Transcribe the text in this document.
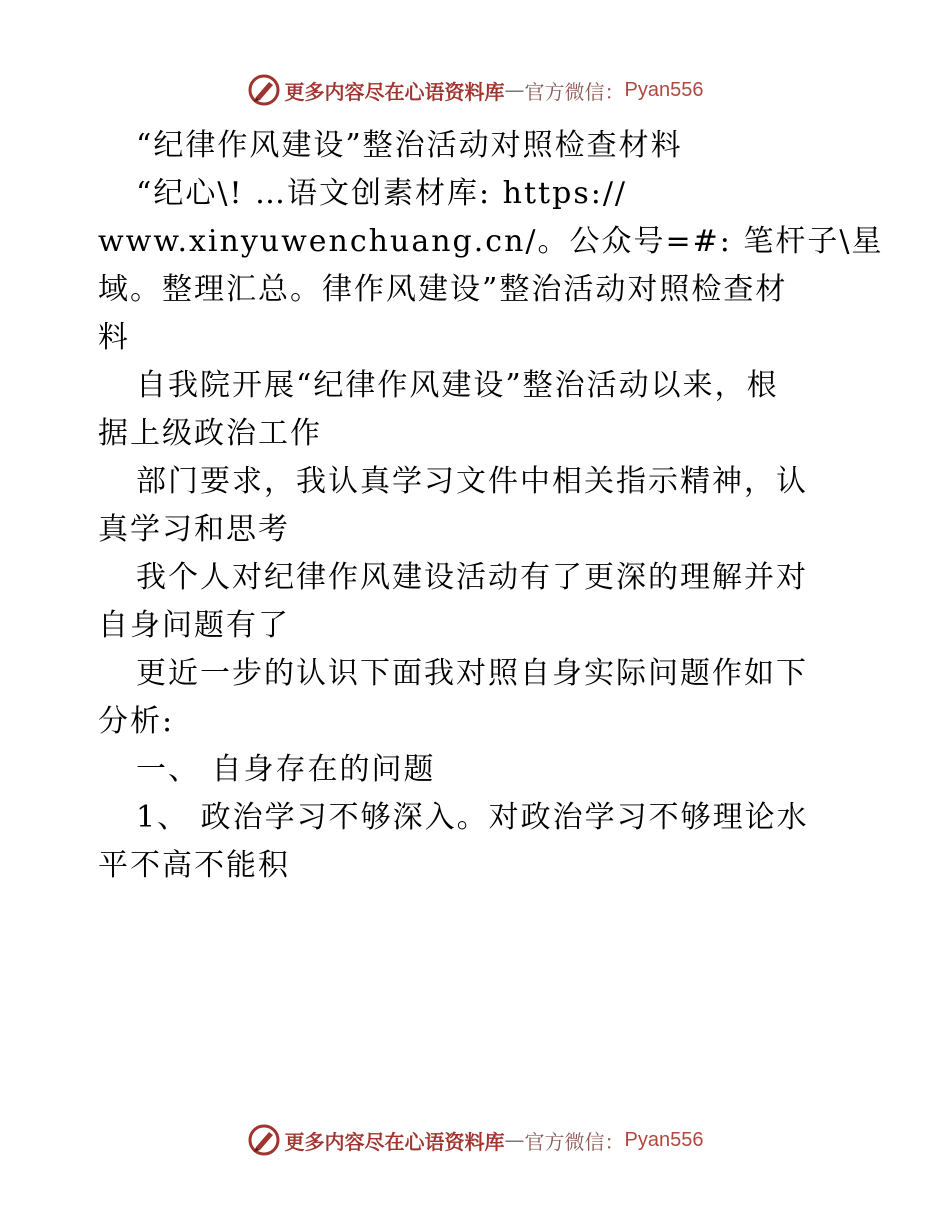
更多内容尽在心语资料库 — 官方微信： Pyan556
“纪律作风建设”整治活动对照检查材料
“纪心\! …语文创素材库: https://
www.xinyuwenchuang.cn/。公众号=#: 笔杆子\星
域。整理汇总。律作风建设”整治活动对照检查材
料
自我院开展“纪律作风建设”整治活动以来，根
据上级政治工作
部门要求，我认真学习文件中相关指示精神，认
真学习和思考
我个人对纪律作风建设活动有了更深的理解并对
自身问题有了
更近一步的认识下面我对照自身实际问题作如下
分析:
一、 自身存在的问题
1、 政治学习不够深入。对政治学习不够理论水
平不高不能积
更多内容尽在心语资料库 — 官方微信： Pyan556
